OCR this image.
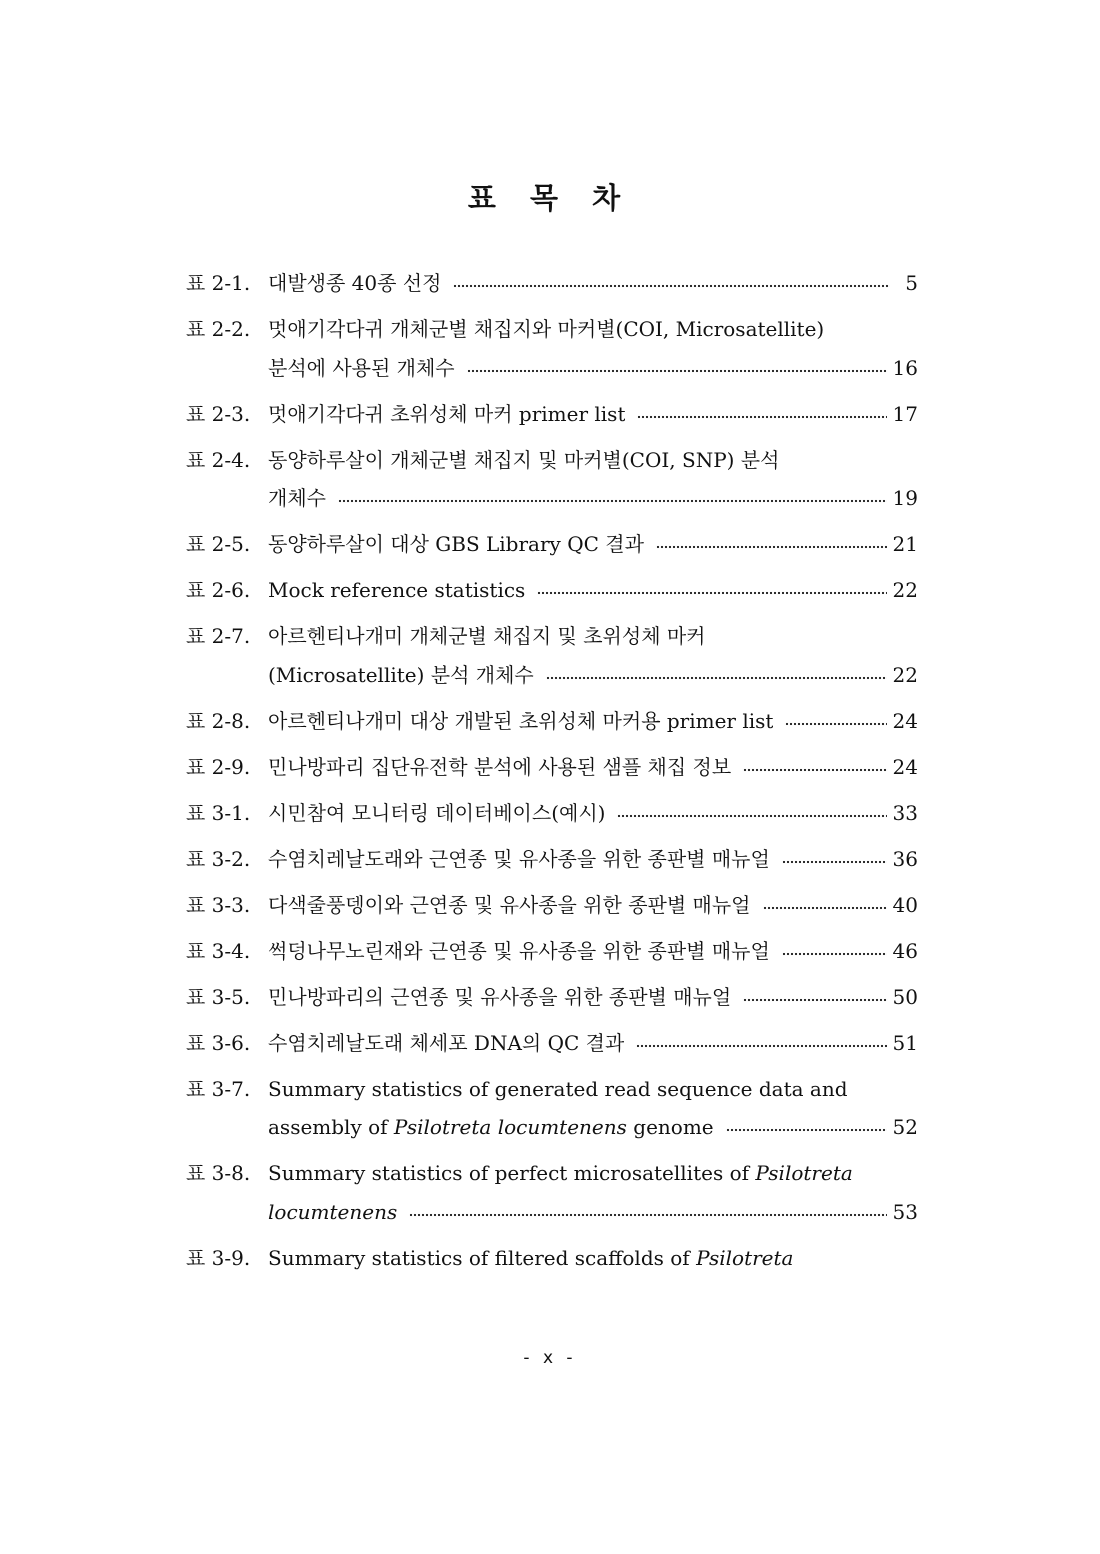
표 목 차
표 2-1. 대발생종 40종 선정	5
표 2-2. 멋애기각다귀 개체군별 채집지와 마커별(COI, Microsatellite)
분석에 사용된 개체수	16
표 2-3. 멋애기각다귀 초위성체 마커 primer list	17
표 2-4. 동양하루살이 개체군별 채집지 및 마커별(COI, SNP) 분석
개체수	19
표 2-5. 동양하루살이 대상 GBS Library QC 결과	21
표 2-6. Mock reference statistics	22
표 2-7. 아르헨티나개미 개체군별 채집지 및 초위성체 마커
(Microsatellite) 분석 개체수	22
표 2-8. 아르헨티나개미 대상 개발된 초위성체 마커용 primer list	24
표 2-9. 민나방파리 집단유전학 분석에 사용된 샘플 채집 정보	24
표 3-1. 시민참여 모니터링 데이터베이스(예시)	33
표 3-2. 수염치레날도래와 근연종 및 유사종을 위한 종판별 매뉴얼	36
표 3-3. 다색줄풍뎅이와 근연종 및 유사종을 위한 종판별 매뉴얼	40
표 3-4. 썩덩나무노린재와 근연종 및 유사종을 위한 종판별 매뉴얼	46
표 3-5. 민나방파리의 근연종 및 유사종을 위한 종판별 매뉴얼	50
표 3-6. 수염치레날도래 체세포 DNA의 QC 결과	51
표 3-7. Summary statistics of generated read sequence data and
assembly of Psilotreta locumtenens genome	52
표 3-8. Summary statistics of perfect microsatellites of Psilotreta
locumtenens	53
표 3-9. Summary statistics of filtered scaffolds of Psilotreta
- x -
